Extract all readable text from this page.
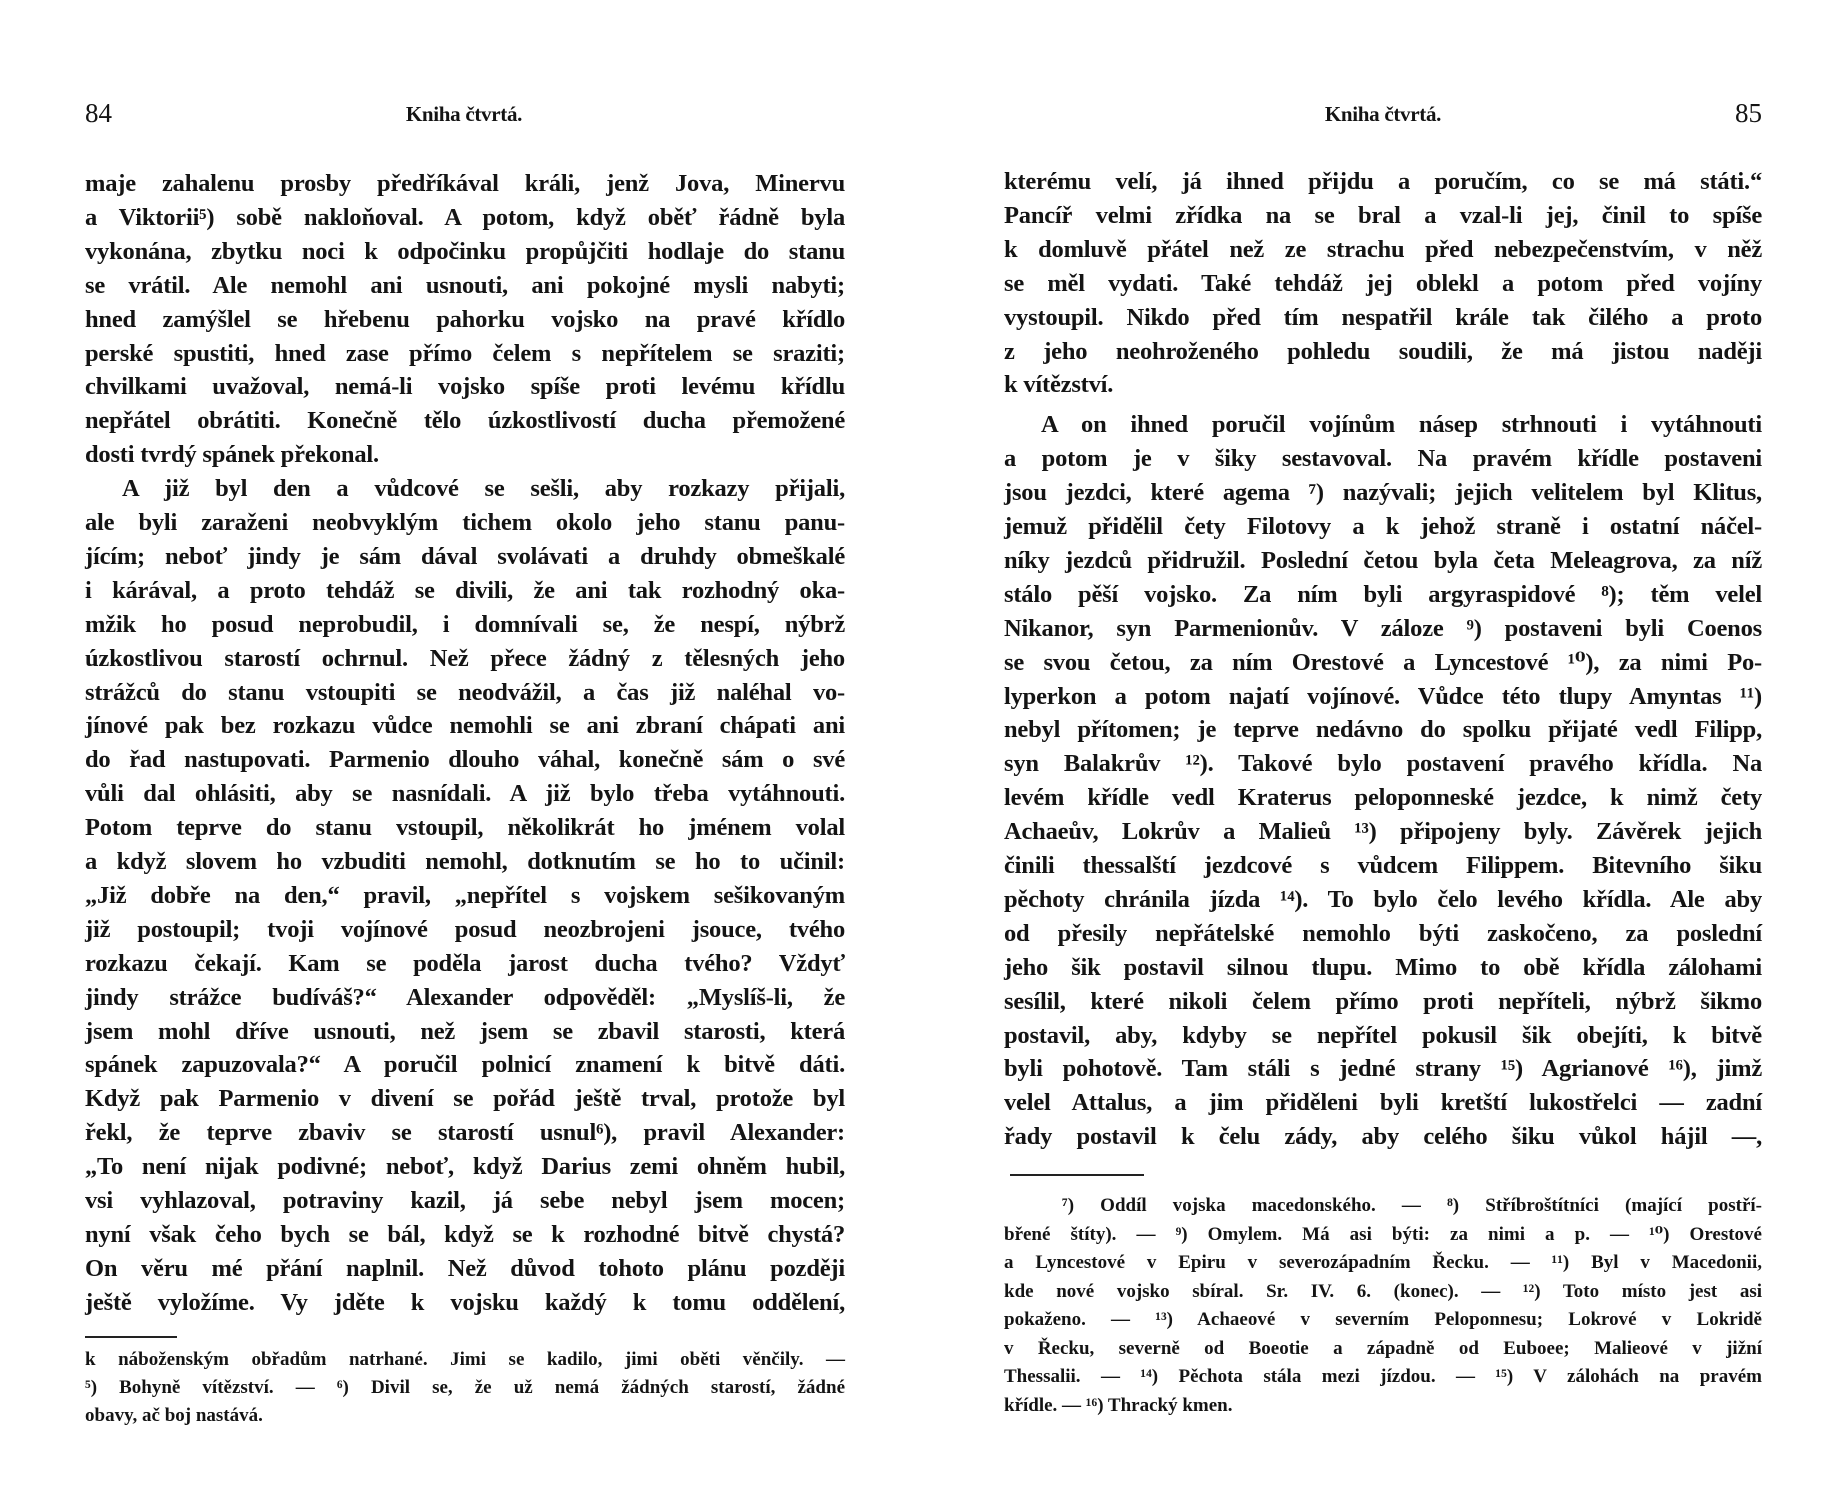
84	Kniha čtvrtá.
maje zahalenu prosby předříkával králi, jenž Jova, Minervu
a Viktorii⁵) sobě nakloňoval. A potom, když oběť řádně byla
vykonána, zbytku noci k odpočinku propůjčiti hodlaje do stanu
se vrátil. Ale nemohl ani usnouti, ani pokojné mysli nabyti;
hned zamýšlel se hřebenu pahorku vojsko na pravé křídlo
perské spustiti, hned zase přímo čelem s nepřítelem se sraziti;
chvilkami uvažoval, nemá-li vojsko spíše proti levému křídlu
nepřátel obrátiti. Konečně tělo úzkostlivostí ducha přemožené
dosti tvrdý spánek překonal.
A již byl den a vůdcové se sešli, aby rozkazy přijali,
ale byli zaraženi neobvyklým tichem okolo jeho stanu panu-
jícím; neboť jindy je sám dával svolávati a druhdy obmeškalé
i kárával, a proto tehdáž se divili, že ani tak rozhodný oka-
mžik ho posud neprobudil, i domnívali se, že nespí, nýbrž
úzkostlivou starostí ochrnul. Než přece žádný z tělesných jeho
strážců do stanu vstoupiti se neodvážil, a čas již naléhal vo-
jínové pak bez rozkazu vůdce nemohli se ani zbraní chápati ani
do řad nastupovati. Parmenio dlouho váhal, konečně sám o své
vůli dal ohlásiti, aby se nasnídali. A již bylo třeba vytáhnouti.
Potom teprve do stanu vstoupil, několikrát ho jménem volal
a když slovem ho vzbuditi nemohl, dotknutím se ho to učinil:
„Již dobře na den,“ pravil, „nepřítel s vojskem sešikovaným
již postoupil; tvoji vojínové posud neozbrojeni jsouce, tvého
rozkazu čekají. Kam se poděla jarost ducha tvého? Vždyť
jindy strážce budíváš?“ Alexander odpověděl: „Myslíš-li, že
jsem mohl dříve usnouti, než jsem se zbavil starosti, která
spánek zapuzovala?“ A poručil polnicí znamení k bitvě dáti.
Když pak Parmenio v divení se pořád ještě trval, protože byl
řekl, že teprve zbaviv se starostí usnul⁶), pravil Alexander:
„To není nijak podivné; neboť, když Darius zemi ohněm hubil,
vsi vyhlazoval, potraviny kazil, já sebe nebyl jsem mocen;
nyní však čeho bych se bál, když se k rozhodné bitvě chystá?
On věru mé přání naplnil. Než důvod tohoto plánu později
ještě vyložíme. Vy jděte k vojsku každý k tomu oddělení,
k náboženským obřadům natrhané. Jimi se kadilo, jimi oběti věnčily. —
⁵) Bohyně vítězství. — ⁶) Divil se, že už nemá žádných starostí, žádné
obavy, ač boj nastává.
Kniha čtvrtá.	85
kterému velí, já ihned přijdu a poručím, co se má státi.“
Pancíř velmi zřídka na se bral a vzal-li jej, činil to spíše
k domluvě přátel než ze strachu před nebezpečenstvím, v něž
se měl vydati. Také tehdáž jej oblekl a potom před vojíny
vystoupil. Nikdo před tím nespatřil krále tak čilého a proto
z jeho neohroženého pohledu soudili, že má jistou naději
k vítězství.
A on ihned poručil vojínům násep strhnouti i vytáhnouti
a potom je v šiky sestavoval. Na pravém křídle postaveni
jsou jezdci, které agema ⁷) nazývali; jejich velitelem byl Klitus,
jemuž přidělil čety Filotovy a k jehož straně i ostatní náčel-
níky jezdců přidružil. Poslední četou byla četa Meleagrova, za níž
stálo pěší vojsko. Za ním byli argyraspidové ⁸); těm velel
Nikanor, syn Parmenionův. V záloze ⁹) postaveni byli Coenos
se svou četou, za ním Orestové a Lyncestové ¹⁰), za nimi Po-
lyperkon a potom najatí vojínové. Vůdce této tlupy Amyntas ¹¹)
nebyl přítomen; je teprve nedávno do spolku přijaté vedl Filipp,
syn Balakrův ¹²). Takové bylo postavení pravého křídla. Na
levém křídle vedl Kraterus peloponneské jezdce, k nimž čety
Achaeův, Lokrův a Malieů ¹³) připojeny byly. Závěrek jejich
činili thessalští jezdcové s vůdcem Filippem. Bitevního šiku
pěchoty chránila jízda ¹⁴). To bylo čelo levého křídla. Ale aby
od přesily nepřátelské nemohlo býti zaskočeno, za poslední
jeho šik postavil silnou tlupu. Mimo to obě křídla zálohami
sesílil, které nikoli čelem přímo proti nepříteli, nýbrž šikmo
postavil, aby, kdyby se nepřítel pokusil šik obejíti, k bitvě
byli pohotově. Tam stáli s jedné strany ¹⁵) Agrianové ¹⁶), jimž
velel Attalus, a jim přiděleni byli kretští lukostřelci — zadní
řady postavil k čelu zády, aby celého šiku vůkol hájil —,
⁷) Oddíl vojska macedonského. — ⁸) Stříbroštítníci (mající postří-
břené štíty). — ⁹) Omylem. Má asi býti: za nimi a p. — ¹⁰) Orestové
a Lyncestové v Epiru v severozápadním Řecku. — ¹¹) Byl v Macedonii,
kde nové vojsko sbíral. Sr. IV. 6. (konec). — ¹²) Toto místo jest asi
pokaženo. — ¹³) Achaeové v severním Peloponnesu; Lokrové v Lokridě
v Řecku, severně od Boeotie a západně od Euboee; Malieové v jižní
Thessalii. — ¹⁴) Pěchota stála mezi jízdou. — ¹⁵) V zálohách na pravém
křídle. — ¹⁶) Thracký kmen.
